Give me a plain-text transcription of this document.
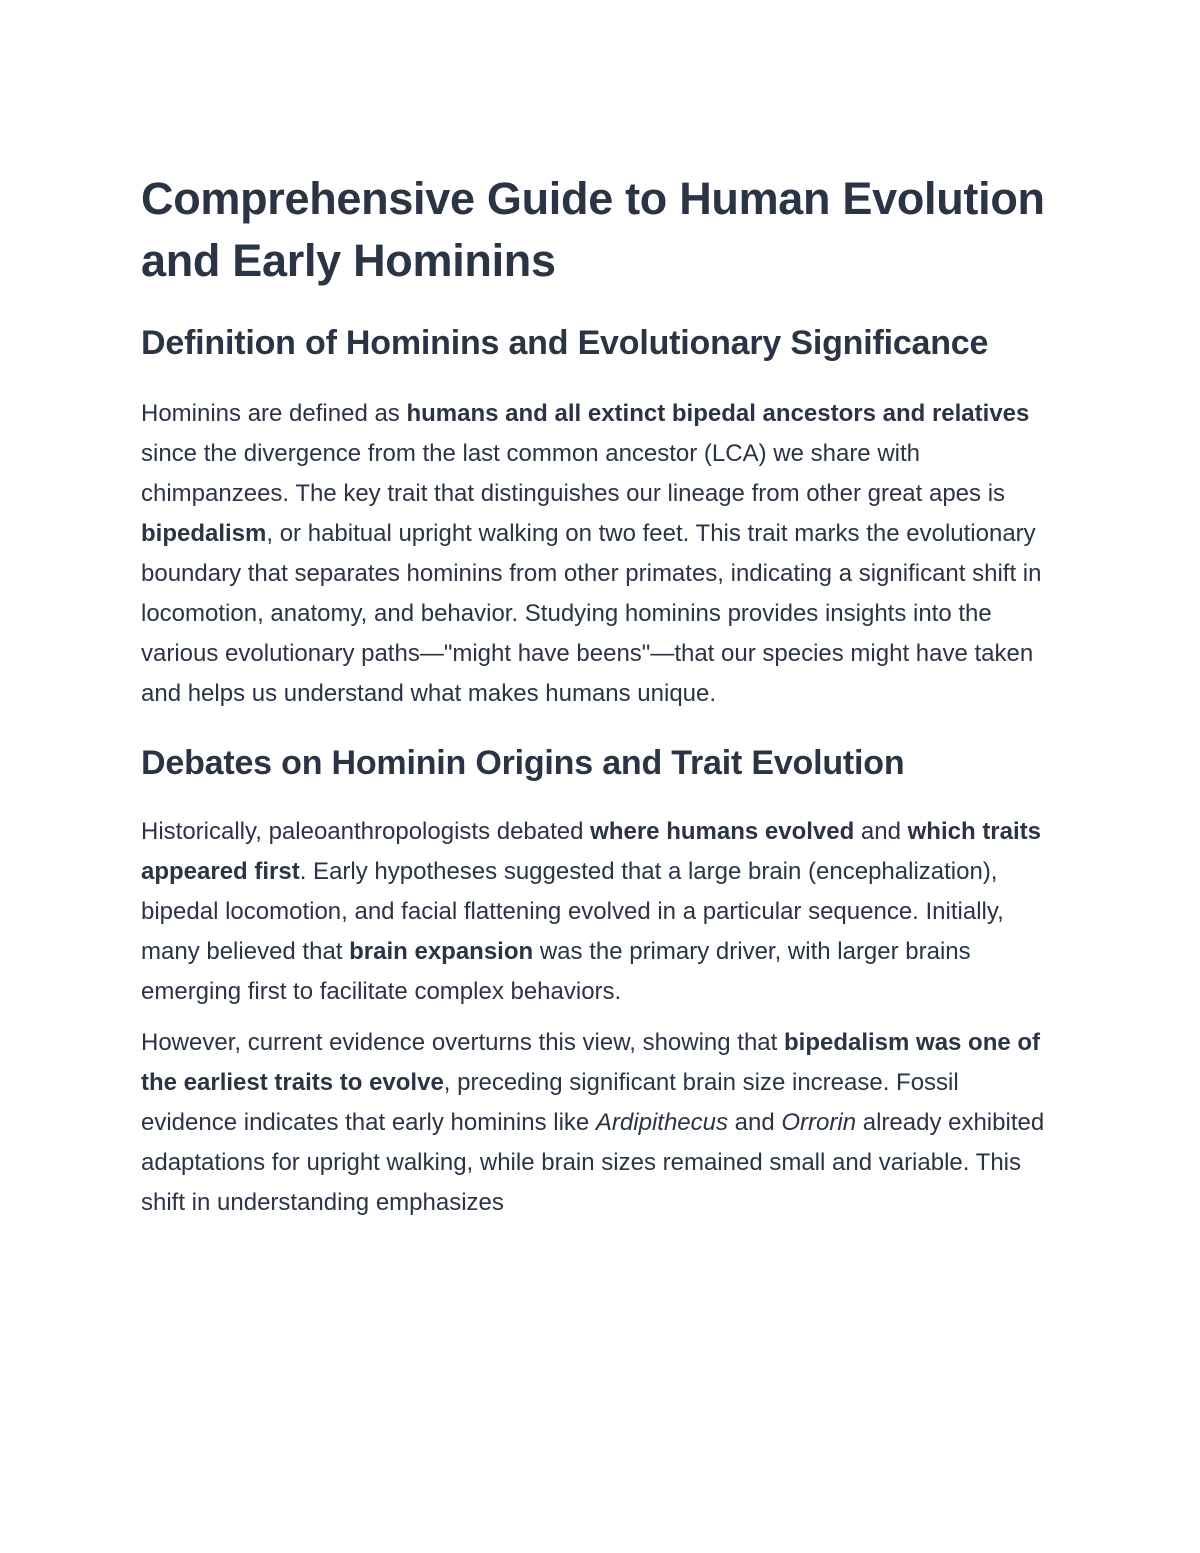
Comprehensive Guide to Human Evolution and Early Hominins
Definition of Hominins and Evolutionary Significance

Hominins are defined as humans and all extinct bipedal ancestors and relatives since the divergence from the last common ancestor (LCA) we share with chimpanzees. The key trait that distinguishes our lineage from other great apes is bipedalism, or habitual upright walking on two feet. This trait marks the evolutionary boundary that separates hominins from other primates, indicating a significant shift in locomotion, anatomy, and behavior. Studying hominins provides insights into the various evolutionary paths—"might have beens"—that our species might have taken and helps us understand what makes humans unique.

Debates on Hominin Origins and Trait Evolution

Historically, paleoanthropologists debated where humans evolved and which traits appeared first. Early hypotheses suggested that a large brain (encephalization), bipedal locomotion, and facial flattening evolved in a particular sequence. Initially, many believed that brain expansion was the primary driver, with larger brains emerging first to facilitate complex behaviors.

However, current evidence overturns this view, showing that bipedalism was one of the earliest traits to evolve, preceding significant brain size increase. Fossil evidence indicates that early hominins like Ardipithecus and Orrorin already exhibited adaptations for upright walking, while brain sizes remained small and variable. This shift in understanding emphasizes
